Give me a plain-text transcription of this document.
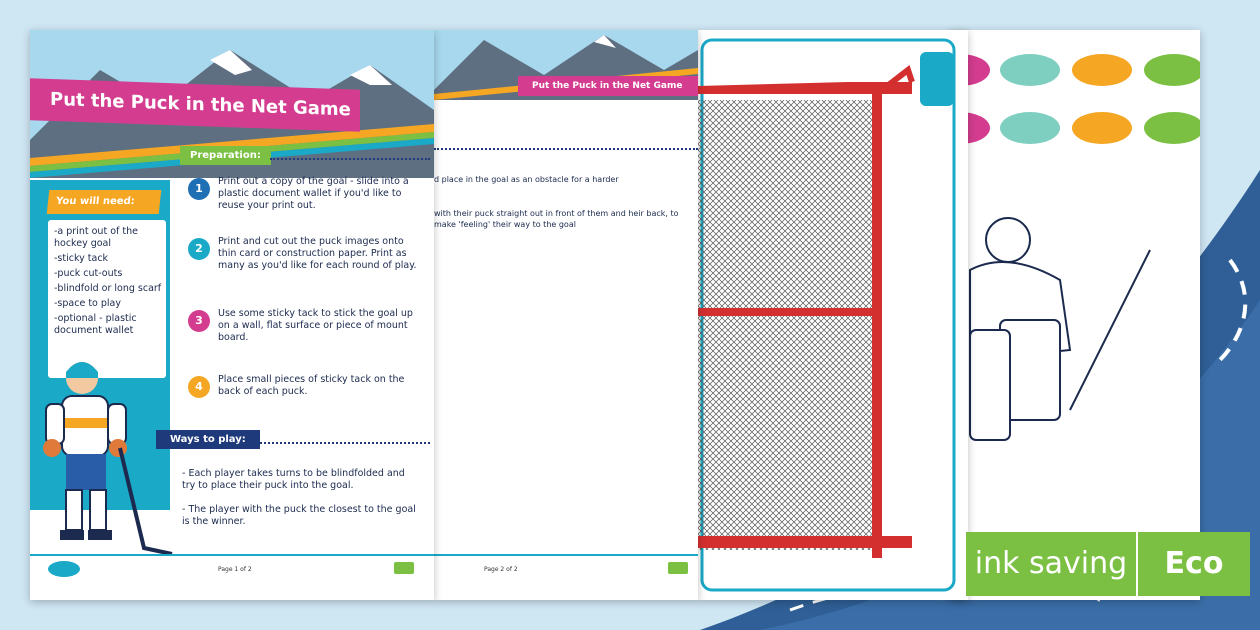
Put the Puck in the Net Game
You will need:
-a print out of the hockey goal
-sticky tack
-puck cut-outs
-blindfold or long scarf
-space to play
-optional - plastic document wallet
Preparation:
1
Print out a copy of the goal - slide into a plastic document wallet if you'd like to reuse your print out.
2
Print and cut out the puck images onto thin card or construction paper. Print as many as you'd like for each round of play.
3
Use some sticky tack to stick the goal up on a wall, flat surface or piece of mount board.
4
Place small pieces of sticky tack on the back of each puck.
Ways to play:
- Each player takes turns to be blindfolded and try to place their puck into the goal.
- The player with the puck the closest to the goal is the winner.
Page 1 of 2
Put the Puck in the Net Game
d place in the goal as an obstacle for a harder
with their puck straight out in front of them and heir back, to make 'feeling' their way to the goal
Page 2 of 2	ink saving	Eco
